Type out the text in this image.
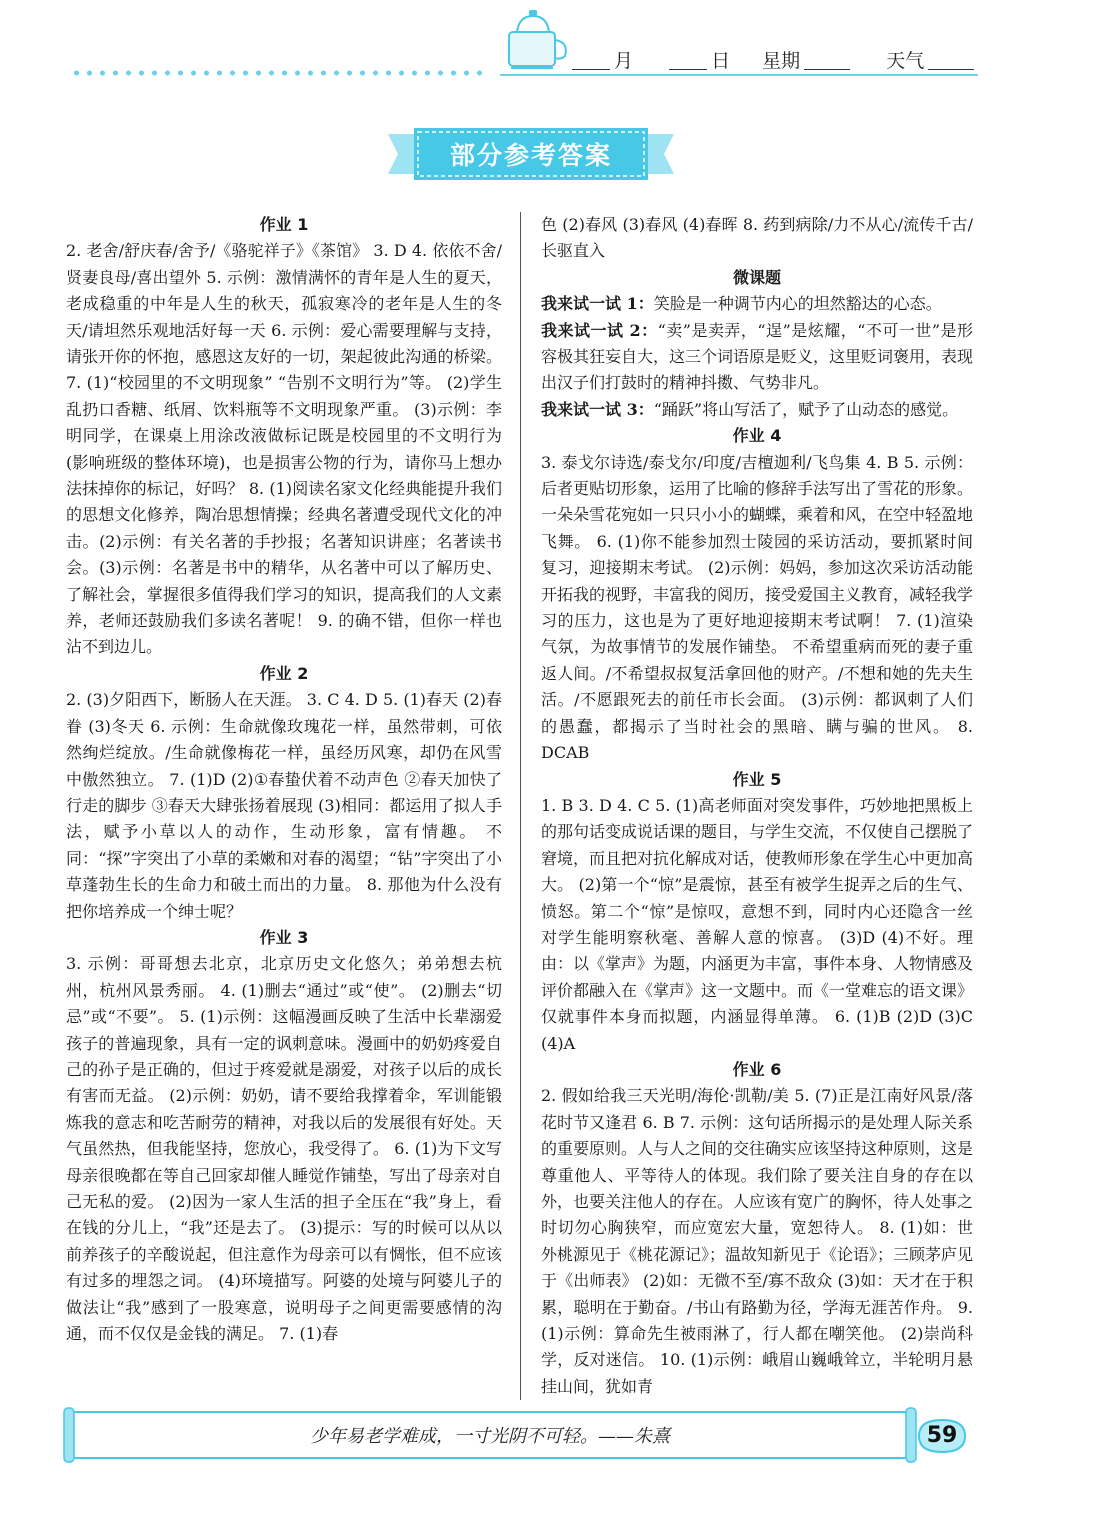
月	日 星期	天气
部分参考答案
作业 1
2. 老舍/舒庆春/舍予/《骆驼祥子》《茶馆》 3. D 4. 依依不舍/贤妻良母/喜出望外 5. 示例：激情满怀的青年是人生的夏天，老成稳重的中年是人生的秋天，孤寂寒冷的老年是人生的冬天/请坦然乐观地活好每一天 6. 示例：爱心需要理解与支持，请张开你的怀抱，感恩这友好的一切，架起彼此沟通的桥梁。 7. (1)“校园里的不文明现象” “告别不文明行为”等。 (2)学生乱扔口香糖、纸屑、饮料瓶等不文明现象严重。 (3)示例：李明同学，在课桌上用涂改液做标记既是校园里的不文明行为(影响班级的整体环境)，也是损害公物的行为，请你马上想办法抹掉你的标记，好吗？ 8. (1)阅读名家文化经典能提升我们的思想文化修养，陶冶思想情操；经典名著遭受现代文化的冲击。(2)示例：有关名著的手抄报；名著知识讲座；名著读书会。(3)示例：名著是书中的精华，从名著中可以了解历史、了解社会，掌握很多值得我们学习的知识，提高我们的人文素养，老师还鼓励我们多读名著呢！ 9. 的确不错，但你一样也沾不到边儿。
作业 2
2. (3)夕阳西下，断肠人在天涯。 3. C 4. D 5. (1)春天 (2)春眷 (3)冬天 6. 示例：生命就像玫瑰花一样，虽然带刺，可依然绚烂绽放。/生命就像梅花一样，虽经历风寒，却仍在风雪中傲然独立。 7. (1)D (2)①春蛰伏着不动声色 ②春天加快了行走的脚步 ③春天大肆张扬着展现 (3)相同：都运用了拟人手法，赋予小草以人的动作，生动形象，富有情趣。 不同：“探”字突出了小草的柔嫩和对春的渴望；“钻”字突出了小草蓬勃生长的生命力和破土而出的力量。 8. 那他为什么没有把你培养成一个绅士呢？
作业 3
3. 示例：哥哥想去北京，北京历史文化悠久；弟弟想去杭州，杭州风景秀丽。 4. (1)删去“通过”或“使”。 (2)删去“切忌”或“不要”。 5. (1)示例：这幅漫画反映了生活中长辈溺爱孩子的普遍现象，具有一定的讽刺意味。漫画中的奶奶疼爱自己的孙子是正确的，但过于疼爱就是溺爱，对孩子以后的成长有害而无益。 (2)示例：奶奶，请不要给我撑着伞，军训能锻炼我的意志和吃苦耐劳的精神，对我以后的发展很有好处。天气虽然热，但我能坚持，您放心，我受得了。 6. (1)为下文写母亲很晚都在等自己回家却催人睡觉作铺垫，写出了母亲对自己无私的爱。 (2)因为一家人生活的担子全压在“我”身上，看在钱的分儿上，“我”还是去了。 (3)提示：写的时候可以从以前养孩子的辛酸说起，但注意作为母亲可以有惆怅，但不应该有过多的埋怨之词。 (4)环境描写。阿婆的处境与阿婆儿子的做法让“我”感到了一股寒意，说明母子之间更需要感情的沟通，而不仅仅是金钱的满足。 7. (1)春
色 (2)春风 (3)春风 (4)春晖 8. 药到病除/力不从心/流传千古/长驱直入
微课题
我来试一试 1：笑脸是一种调节内心的坦然豁达的心态。
我来试一试 2：“卖”是卖弄，“逞”是炫耀，“不可一世”是形容极其狂妄自大，这三个词语原是贬义，这里贬词褒用，表现出汉子们打鼓时的精神抖擞、气势非凡。
我来试一试 3：“踊跃”将山写活了，赋予了山动态的感觉。
作业 4
3. 泰戈尔诗选/泰戈尔/印度/吉檀迦利/飞鸟集 4. B 5. 示例：后者更贴切形象，运用了比喻的修辞手法写出了雪花的形象。一朵朵雪花宛如一只只小小的蝴蝶，乘着和风，在空中轻盈地飞舞。 6. (1)你不能参加烈士陵园的采访活动，要抓紧时间复习，迎接期末考试。 (2)示例：妈妈，参加这次采访活动能开拓我的视野，丰富我的阅历，接受爱国主义教育，减轻我学习的压力，这也是为了更好地迎接期末考试啊！ 7. (1)渲染气氛，为故事情节的发展作铺垫。 不希望重病而死的妻子重返人间。/不希望叔叔复活拿回他的财产。/不想和她的先夫生活。/不愿跟死去的前任市长会面。 (3)示例：都讽刺了人们的愚蠢，都揭示了当时社会的黑暗、瞒与骗的世风。 8. DCAB
作业 5
1. B 3. D 4. C 5. (1)高老师面对突发事件，巧妙地把黑板上的那句话变成说话课的题目，与学生交流，不仅使自己摆脱了窘境，而且把对抗化解成对话，使教师形象在学生心中更加高大。 (2)第一个“惊”是震惊，甚至有被学生捉弄之后的生气、愤怒。第二个“惊”是惊叹，意想不到，同时内心还隐含一丝对学生能明察秋毫、善解人意的惊喜。 (3)D (4)不好。理由：以《掌声》为题，内涵更为丰富，事件本身、人物情感及评价都融入在《掌声》这一文题中。而《一堂难忘的语文课》仅就事件本身而拟题，内涵显得单薄。 6. (1)B (2)D (3)C (4)A
作业 6
2. 假如给我三天光明/海伦·凯勒/美 5. (7)正是江南好风景/落花时节又逢君 6. B 7. 示例：这句话所揭示的是处理人际关系的重要原则。人与人之间的交往确实应该坚持这种原则，这是尊重他人、平等待人的体现。我们除了要关注自身的存在以外，也要关注他人的存在。人应该有宽广的胸怀，待人处事之时切勿心胸狭窄，而应宽宏大量，宽恕待人。 8. (1)如：世外桃源见于《桃花源记》；温故知新见于《论语》；三顾茅庐见于《出师表》 (2)如：无微不至/寡不敌众 (3)如：天才在于积累，聪明在于勤奋。/书山有路勤为径，学海无涯苦作舟。 9. (1)示例：算命先生被雨淋了，行人都在嘲笑他。 (2)崇尚科学，反对迷信。 10. (1)示例：峨眉山巍峨耸立，半轮明月悬挂山间，犹如青
少年易老学难成，一寸光阴不可轻。——朱熹	59
